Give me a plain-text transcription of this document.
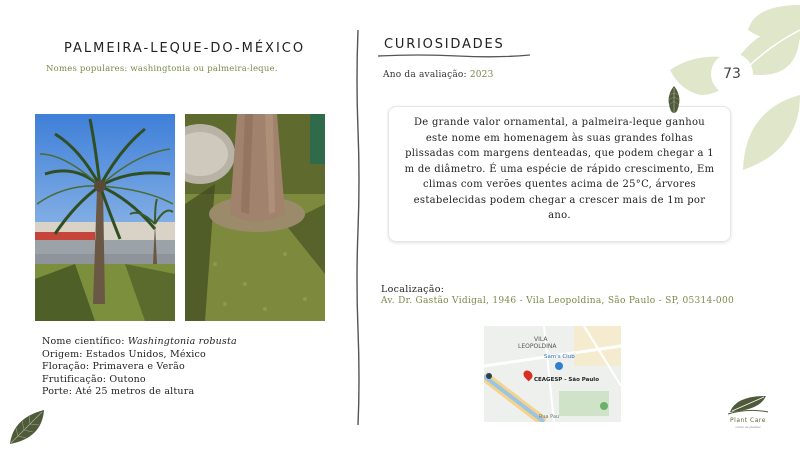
PALMEIRA-LEQUE-DO-MÉXICO
Nomes populares: washingtonia ou palmeira-leque.
Nome científico: Washingtonia robusta
Origem: Estados Unidos, México
Floração: Primavera e Verão
Frutificação: Outono
Porte: Até 25 metros de altura
CURIOSIDADES
Ano da avaliação: 2023

De grande valor ornamental, a palmeira-leque ganhou este nome em homenagem às suas grandes folhas plissadas com margens denteadas, que podem chegar a 1 m de diâmetro. É uma espécie de rápido crescimento, Em climas com verões quentes acima de 25°C, árvores estabelecidas podem chegar a crescer mais de 1m por ano.

Localização:
Av. Dr. Gastão Vidigal, 1946 - Vila Leopoldina, São Paulo - SP, 05314-000
VILA
LEOPOLDINA
Sam's Club
CEAGESP - São Paulo
Rua Pau
73
Plant Care
cuide de plantas
